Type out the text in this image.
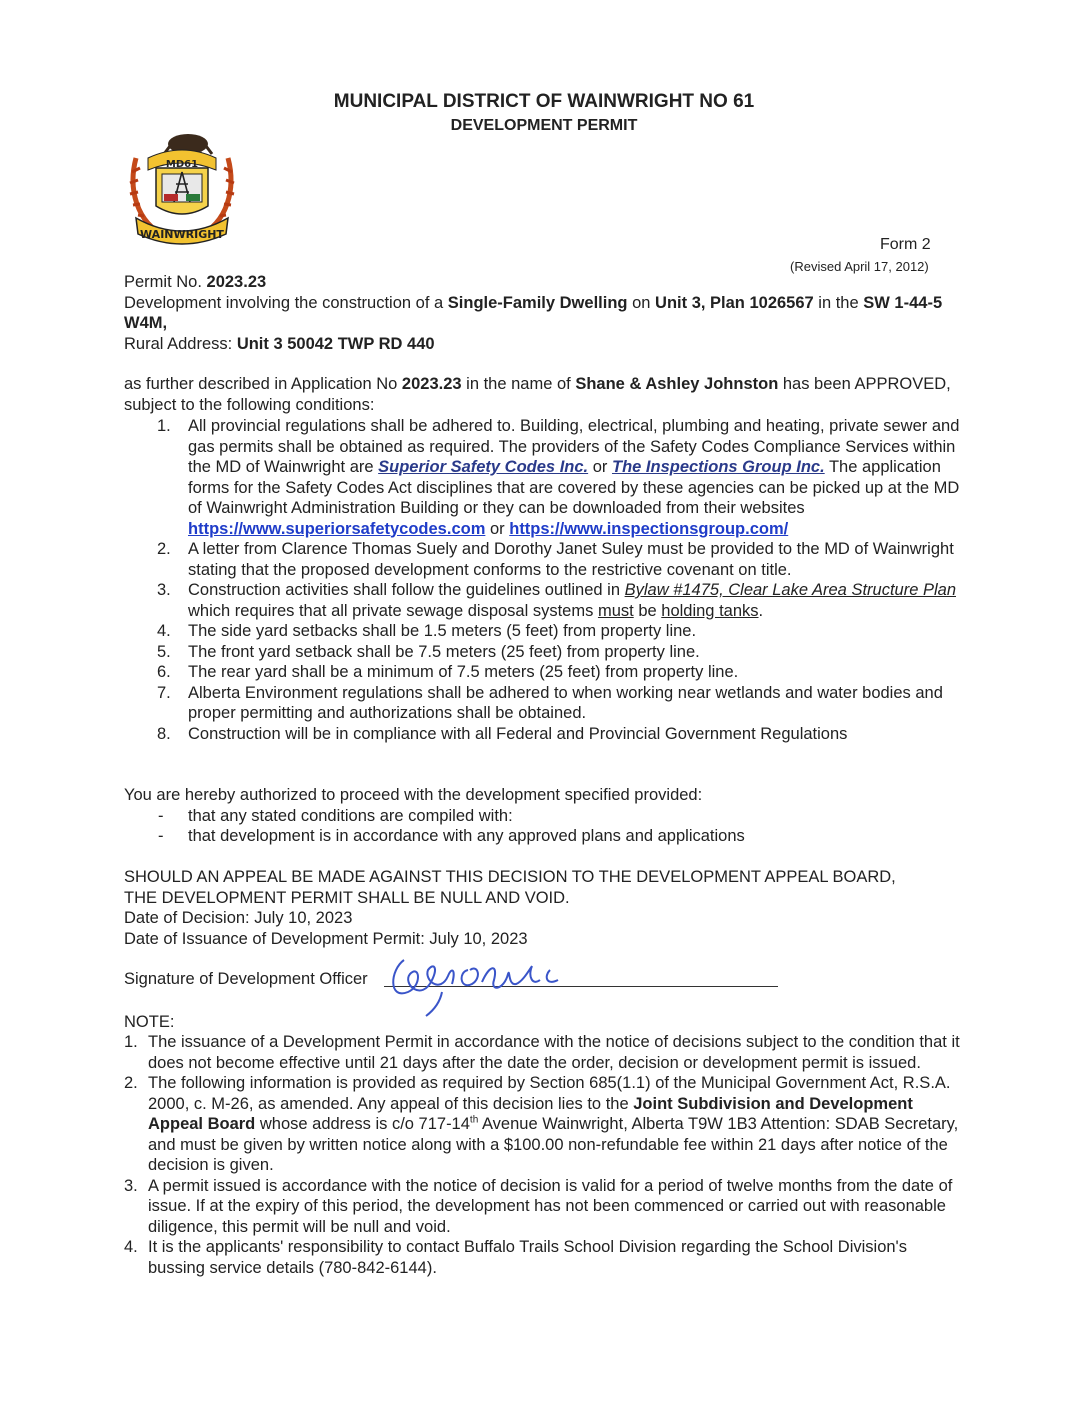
MUNICIPAL DISTRICT OF WAINWRIGHT NO 61
DEVELOPMENT PERMIT
MD61
WAINWRIGHT
Form 2
(Revised April 17, 2012)
Permit No. 2023.23
Development involving the construction of a Single-Family Dwelling on Unit 3, Plan 1026567 in the SW 1-44-5 W4M,
Rural Address: Unit 3 50042 TWP RD 440
as further described in Application No 2023.23 in the name of Shane & Ashley Johnston has been APPROVED, subject to the following conditions:
1. All provincial regulations shall be adhered to. Building, electrical, plumbing and heating, private sewer and gas permits shall be obtained as required. The providers of the Safety Codes Compliance Services within the MD of Wainwright are Superior Safety Codes Inc. or The Inspections Group Inc. The application forms for the Safety Codes Act disciplines that are covered by these agencies can be picked up at the MD of Wainwright Administration Building or they can be downloaded from their websites https://www.superiorsafetycodes.com or https://www.inspectionsgroup.com/
2. A letter from Clarence Thomas Suely and Dorothy Janet Suley must be provided to the MD of Wainwright stating that the proposed development conforms to the restrictive covenant on title.
3. Construction activities shall follow the guidelines outlined in Bylaw #1475, Clear Lake Area Structure Plan which requires that all private sewage disposal systems must be holding tanks.
4. The side yard setbacks shall be 1.5 meters (5 feet) from property line.
5. The front yard setback shall be 7.5 meters (25 feet) from property line.
6. The rear yard shall be a minimum of 7.5 meters (25 feet) from property line.
7. Alberta Environment regulations shall be adhered to when working near wetlands and water bodies and proper permitting and authorizations shall be obtained.
8. Construction will be in compliance with all Federal and Provincial Government Regulations
You are hereby authorized to proceed with the development specified provided:
- that any stated conditions are compiled with:
- that development is in accordance with any approved plans and applications
SHOULD AN APPEAL BE MADE AGAINST THIS DECISION TO THE DEVELOPMENT APPEAL BOARD, THE DEVELOPMENT PERMIT SHALL BE NULL AND VOID.
Date of Decision: July 10, 2023
Date of Issuance of Development Permit: July 10, 2023
Signature of Development Officer
NOTE:
1. The issuance of a Development Permit in accordance with the notice of decisions subject to the condition that it does not become effective until 21 days after the date the order, decision or development permit is issued.
2. The following information is provided as required by Section 685(1.1) of the Municipal Government Act, R.S.A. 2000, c. M-26, as amended. Any appeal of this decision lies to the Joint Subdivision and Development Appeal Board whose address is c/o 717-14th Avenue Wainwright, Alberta T9W 1B3 Attention: SDAB Secretary, and must be given by written notice along with a $100.00 non-refundable fee within 21 days after notice of the decision is given.
3. A permit issued is accordance with the notice of decision is valid for a period of twelve months from the date of issue. If at the expiry of this period, the development has not been commenced or carried out with reasonable diligence, this permit will be null and void.
4. It is the applicants' responsibility to contact Buffalo Trails School Division regarding the School Division's bussing service details (780-842-6144).
